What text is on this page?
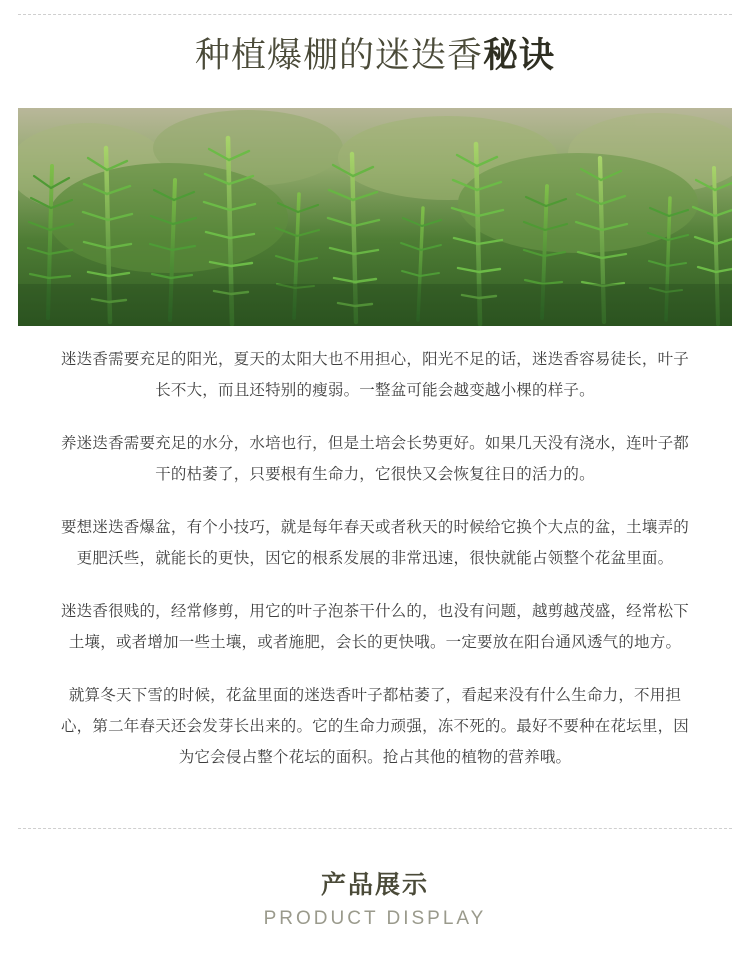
种植爆棚的迷迭香秘诀

迷迭香需要充足的阳光，夏天的太阳大也不用担心，阳光不足的话，迷迭香容易徒长，叶子长不大，而且还特别的瘦弱。一整盆可能会越变越小棵的样子。

养迷迭香需要充足的水分，水培也行，但是土培会长势更好。如果几天没有浇水，连叶子都干的枯萎了，只要根有生命力，它很快又会恢复往日的活力的。

要想迷迭香爆盆，有个小技巧，就是每年春天或者秋天的时候给它换个大点的盆，土壤弄的更肥沃些，就能长的更快，因它的根系发展的非常迅速，很快就能占领整个花盆里面。

迷迭香很贱的，经常修剪，用它的叶子泡茶干什么的，也没有问题，越剪越茂盛，经常松下土壤，或者增加一些土壤，或者施肥，会长的更快哦。一定要放在阳台通风透气的地方。

就算冬天下雪的时候，花盆里面的迷迭香叶子都枯萎了，看起来没有什么生命力，不用担心，第二年春天还会发芽长出来的。它的生命力顽强，冻不死的。最好不要种在花坛里，因为它会侵占整个花坛的面积。抢占其他的植物的营养哦。

产品展示
PRODUCT DISPLAY
